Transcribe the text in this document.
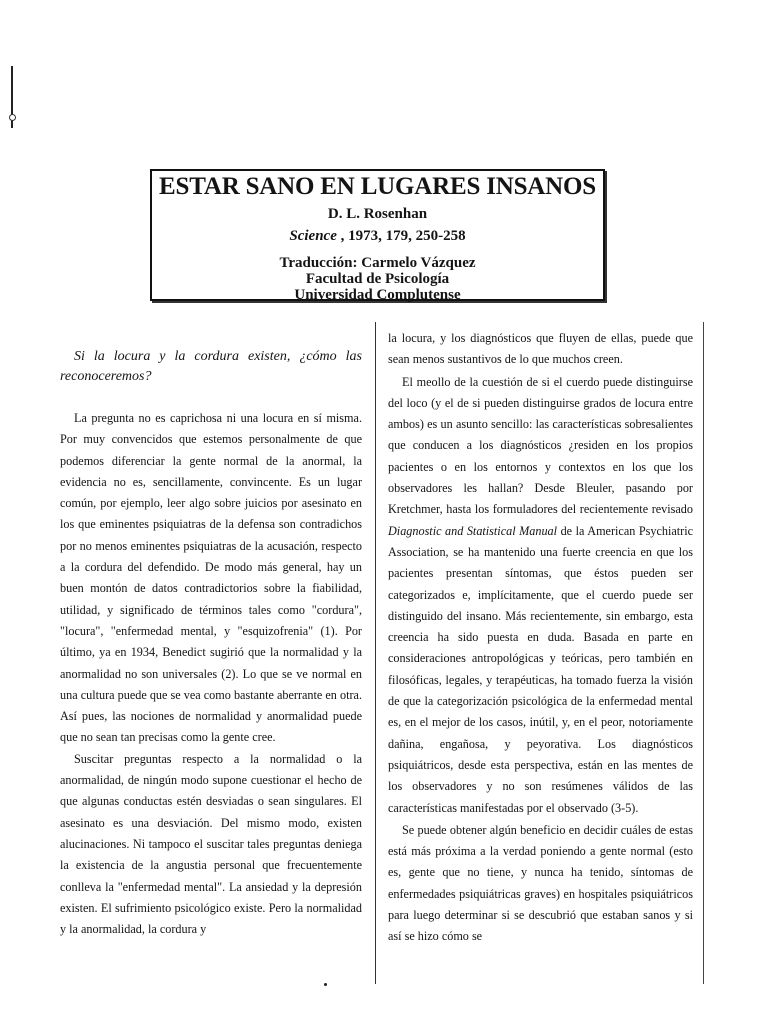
ESTAR SANO EN LUGARES INSANOS
D. L. Rosenhan
Science , 1973, 179, 250-258
Traducción: Carmelo Vázquez
Facultad de Psicología
Universidad Complutense
Si la locura y la cordura existen, ¿cómo las reconoceremos?

La pregunta no es caprichosa ni una locura en sí misma. Por muy convencidos que estemos personalmente de que podemos diferenciar la gente normal de la anormal, la evidencia no es, sencillamente, convincente. Es un lugar común, por ejemplo, leer algo sobre juicios por asesinato en los que eminentes psiquiatras de la defensa son contradichos por no menos eminentes psiquiatras de la acusación, respecto a la cordura del defendido. De modo más general, hay un buen montón de datos contradictorios sobre la fiabilidad, utilidad, y significado de términos tales como "cordura", "locura", "enfermedad mental, y "esquizofrenia" (1). Por último, ya en 1934, Benedict sugirió que la normalidad y la anormalidad no son universales (2). Lo que se ve normal en una cultura puede que se vea como bastante aberrante en otra. Así pues, las nociones de normalidad y anormalidad puede que no sean tan precisas como la gente cree.

Suscitar preguntas respecto a la normalidad o la anormalidad, de ningún modo supone cuestionar el hecho de que algunas conductas estén desviadas o sean singulares. El asesinato es una desviación. Del mismo modo, existen alucinaciones. Ni tampoco el suscitar tales preguntas deniega la existencia de la angustia personal que frecuentemente conlleva la "enfermedad mental". La ansiedad y la depresión existen. El sufrimiento psicológico existe. Pero la normalidad y la anormalidad, la cordura y

la locura, y los diagnósticos que fluyen de ellas, puede que sean menos sustantivos de lo que muchos creen.

El meollo de la cuestión de si el cuerdo puede distinguirse del loco (y el de si pueden distinguirse grados de locura entre ambos) es un asunto sencillo: las características sobresalientes que conducen a los diagnósticos ¿residen en los propios pacientes o en los entornos y contextos en los que los observadores les hallan? Desde Bleuler, pasando por Kretchmer, hasta los formuladores del recientemente revisado Diagnostic and Statistical Manual de la American Psychiatric Association, se ha mantenido una fuerte creencia en que los pacientes presentan síntomas, que éstos pueden ser categorizados e, implícitamente, que el cuerdo puede ser distinguido del insano. Más recientemente, sin embargo, esta creencia ha sido puesta en duda. Basada en parte en consideraciones antropológicas y teóricas, pero también en filosóficas, legales, y terapéuticas, ha tomado fuerza la visión de que la categorización psicológica de la enfermedad mental es, en el mejor de los casos, inútil, y, en el peor, notoriamente dañina, engañosa, y peyorativa. Los diagnósticos psiquiátricos, desde esta perspectiva, están en las mentes de los observadores y no son resúmenes válidos de las características manifestadas por el observado (3-5).

Se puede obtener algún beneficio en decidir cuáles de estas está más próxima a la verdad poniendo a gente normal (esto es, gente que no tiene, y nunca ha tenido, síntomas de enfermedades psiquiátricas graves) en hospitales psiquiátricos para luego determinar si se descubrió que estaban sanos y si así se hizo cómo se
